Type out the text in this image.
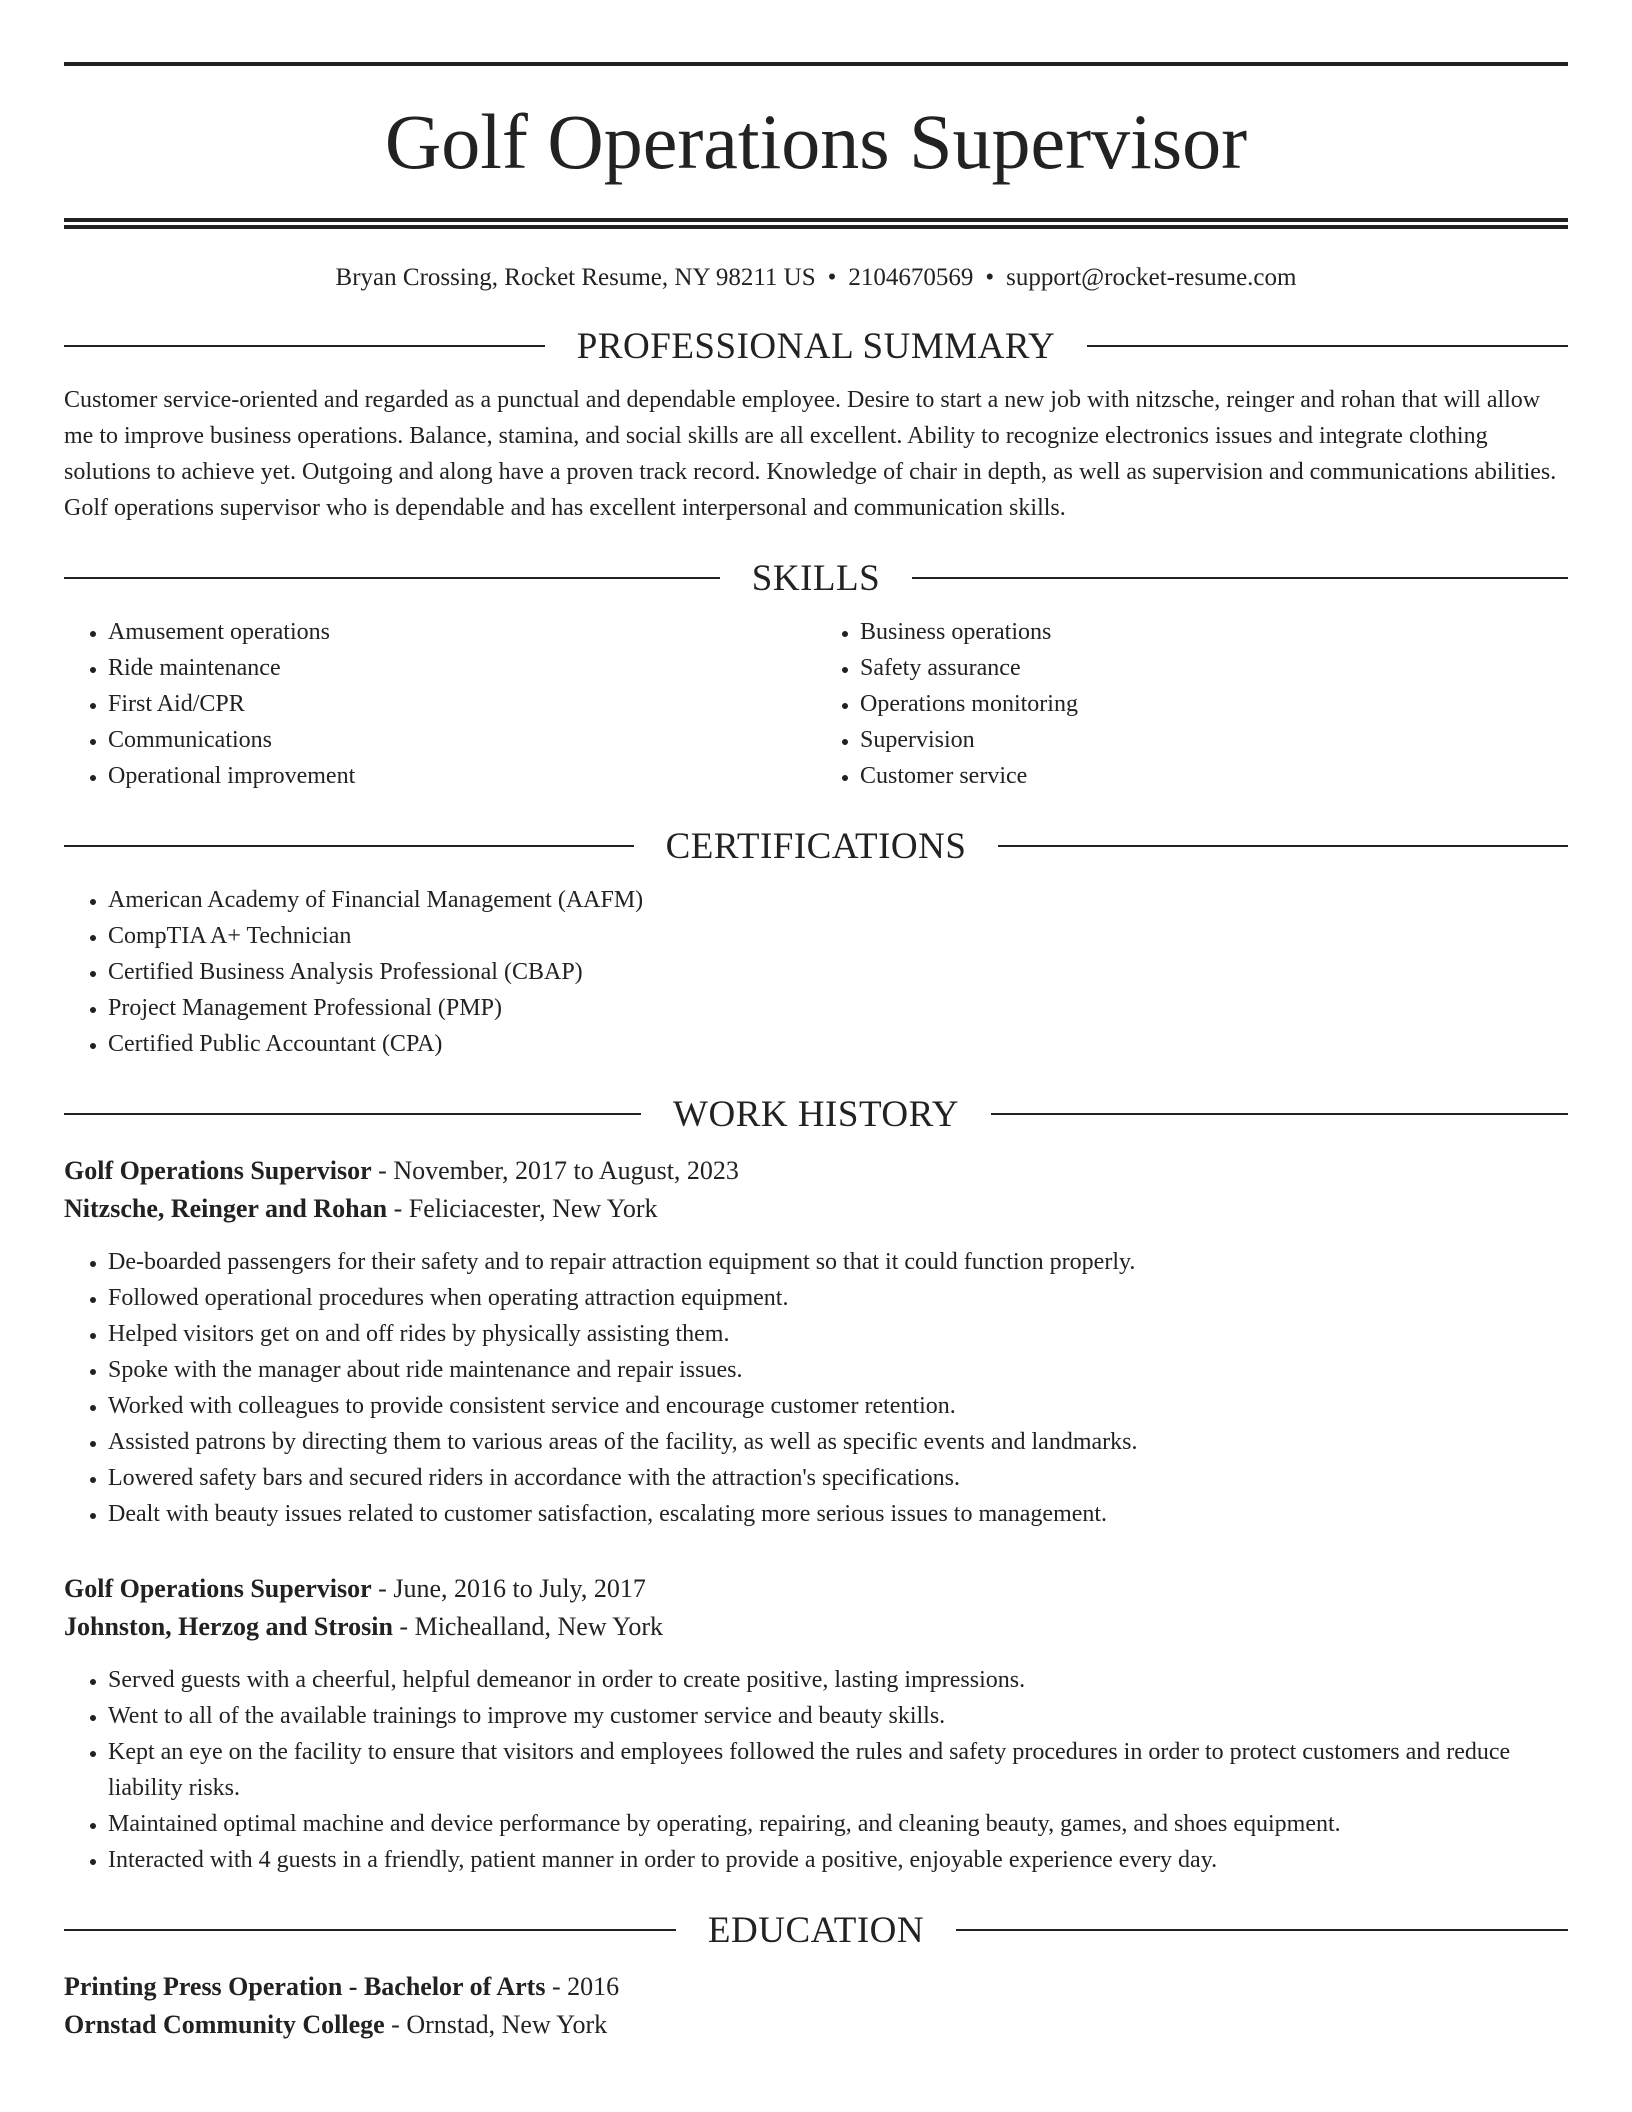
Golf Operations Supervisor
Bryan Crossing, Rocket Resume, NY 98211 US • 2104670569 • support@rocket-resume.com
PROFESSIONAL SUMMARY
Customer service-oriented and regarded as a punctual and dependable employee. Desire to start a new job with nitzsche, reinger and rohan that will allow me to improve business operations. Balance, stamina, and social skills are all excellent. Ability to recognize electronics issues and integrate clothing solutions to achieve yet. Outgoing and along have a proven track record. Knowledge of chair in depth, as well as supervision and communications abilities. Golf operations supervisor who is dependable and has excellent interpersonal and communication skills.
SKILLS
• Amusement operations
• Ride maintenance
• First Aid/CPR
• Communications
• Operational improvement
• Business operations
• Safety assurance
• Operations monitoring
• Supervision
• Customer service
CERTIFICATIONS
• American Academy of Financial Management (AAFM)
• CompTIA A+ Technician
• Certified Business Analysis Professional (CBAP)
• Project Management Professional (PMP)
• Certified Public Accountant (CPA)
WORK HISTORY
Golf Operations Supervisor - November, 2017 to August, 2023
Nitzsche, Reinger and Rohan - Feliciacester, New York
• De-boarded passengers for their safety and to repair attraction equipment so that it could function properly.
• Followed operational procedures when operating attraction equipment.
• Helped visitors get on and off rides by physically assisting them.
• Spoke with the manager about ride maintenance and repair issues.
• Worked with colleagues to provide consistent service and encourage customer retention.
• Assisted patrons by directing them to various areas of the facility, as well as specific events and landmarks.
• Lowered safety bars and secured riders in accordance with the attraction's specifications.
• Dealt with beauty issues related to customer satisfaction, escalating more serious issues to management.
Golf Operations Supervisor - June, 2016 to July, 2017
Johnston, Herzog and Strosin - Michealland, New York
• Served guests with a cheerful, helpful demeanor in order to create positive, lasting impressions.
• Went to all of the available trainings to improve my customer service and beauty skills.
• Kept an eye on the facility to ensure that visitors and employees followed the rules and safety procedures in order to protect customers and reduce liability risks.
• Maintained optimal machine and device performance by operating, repairing, and cleaning beauty, games, and shoes equipment.
• Interacted with 4 guests in a friendly, patient manner in order to provide a positive, enjoyable experience every day.
EDUCATION
Printing Press Operation - Bachelor of Arts - 2016
Ornstad Community College - Ornstad, New York
